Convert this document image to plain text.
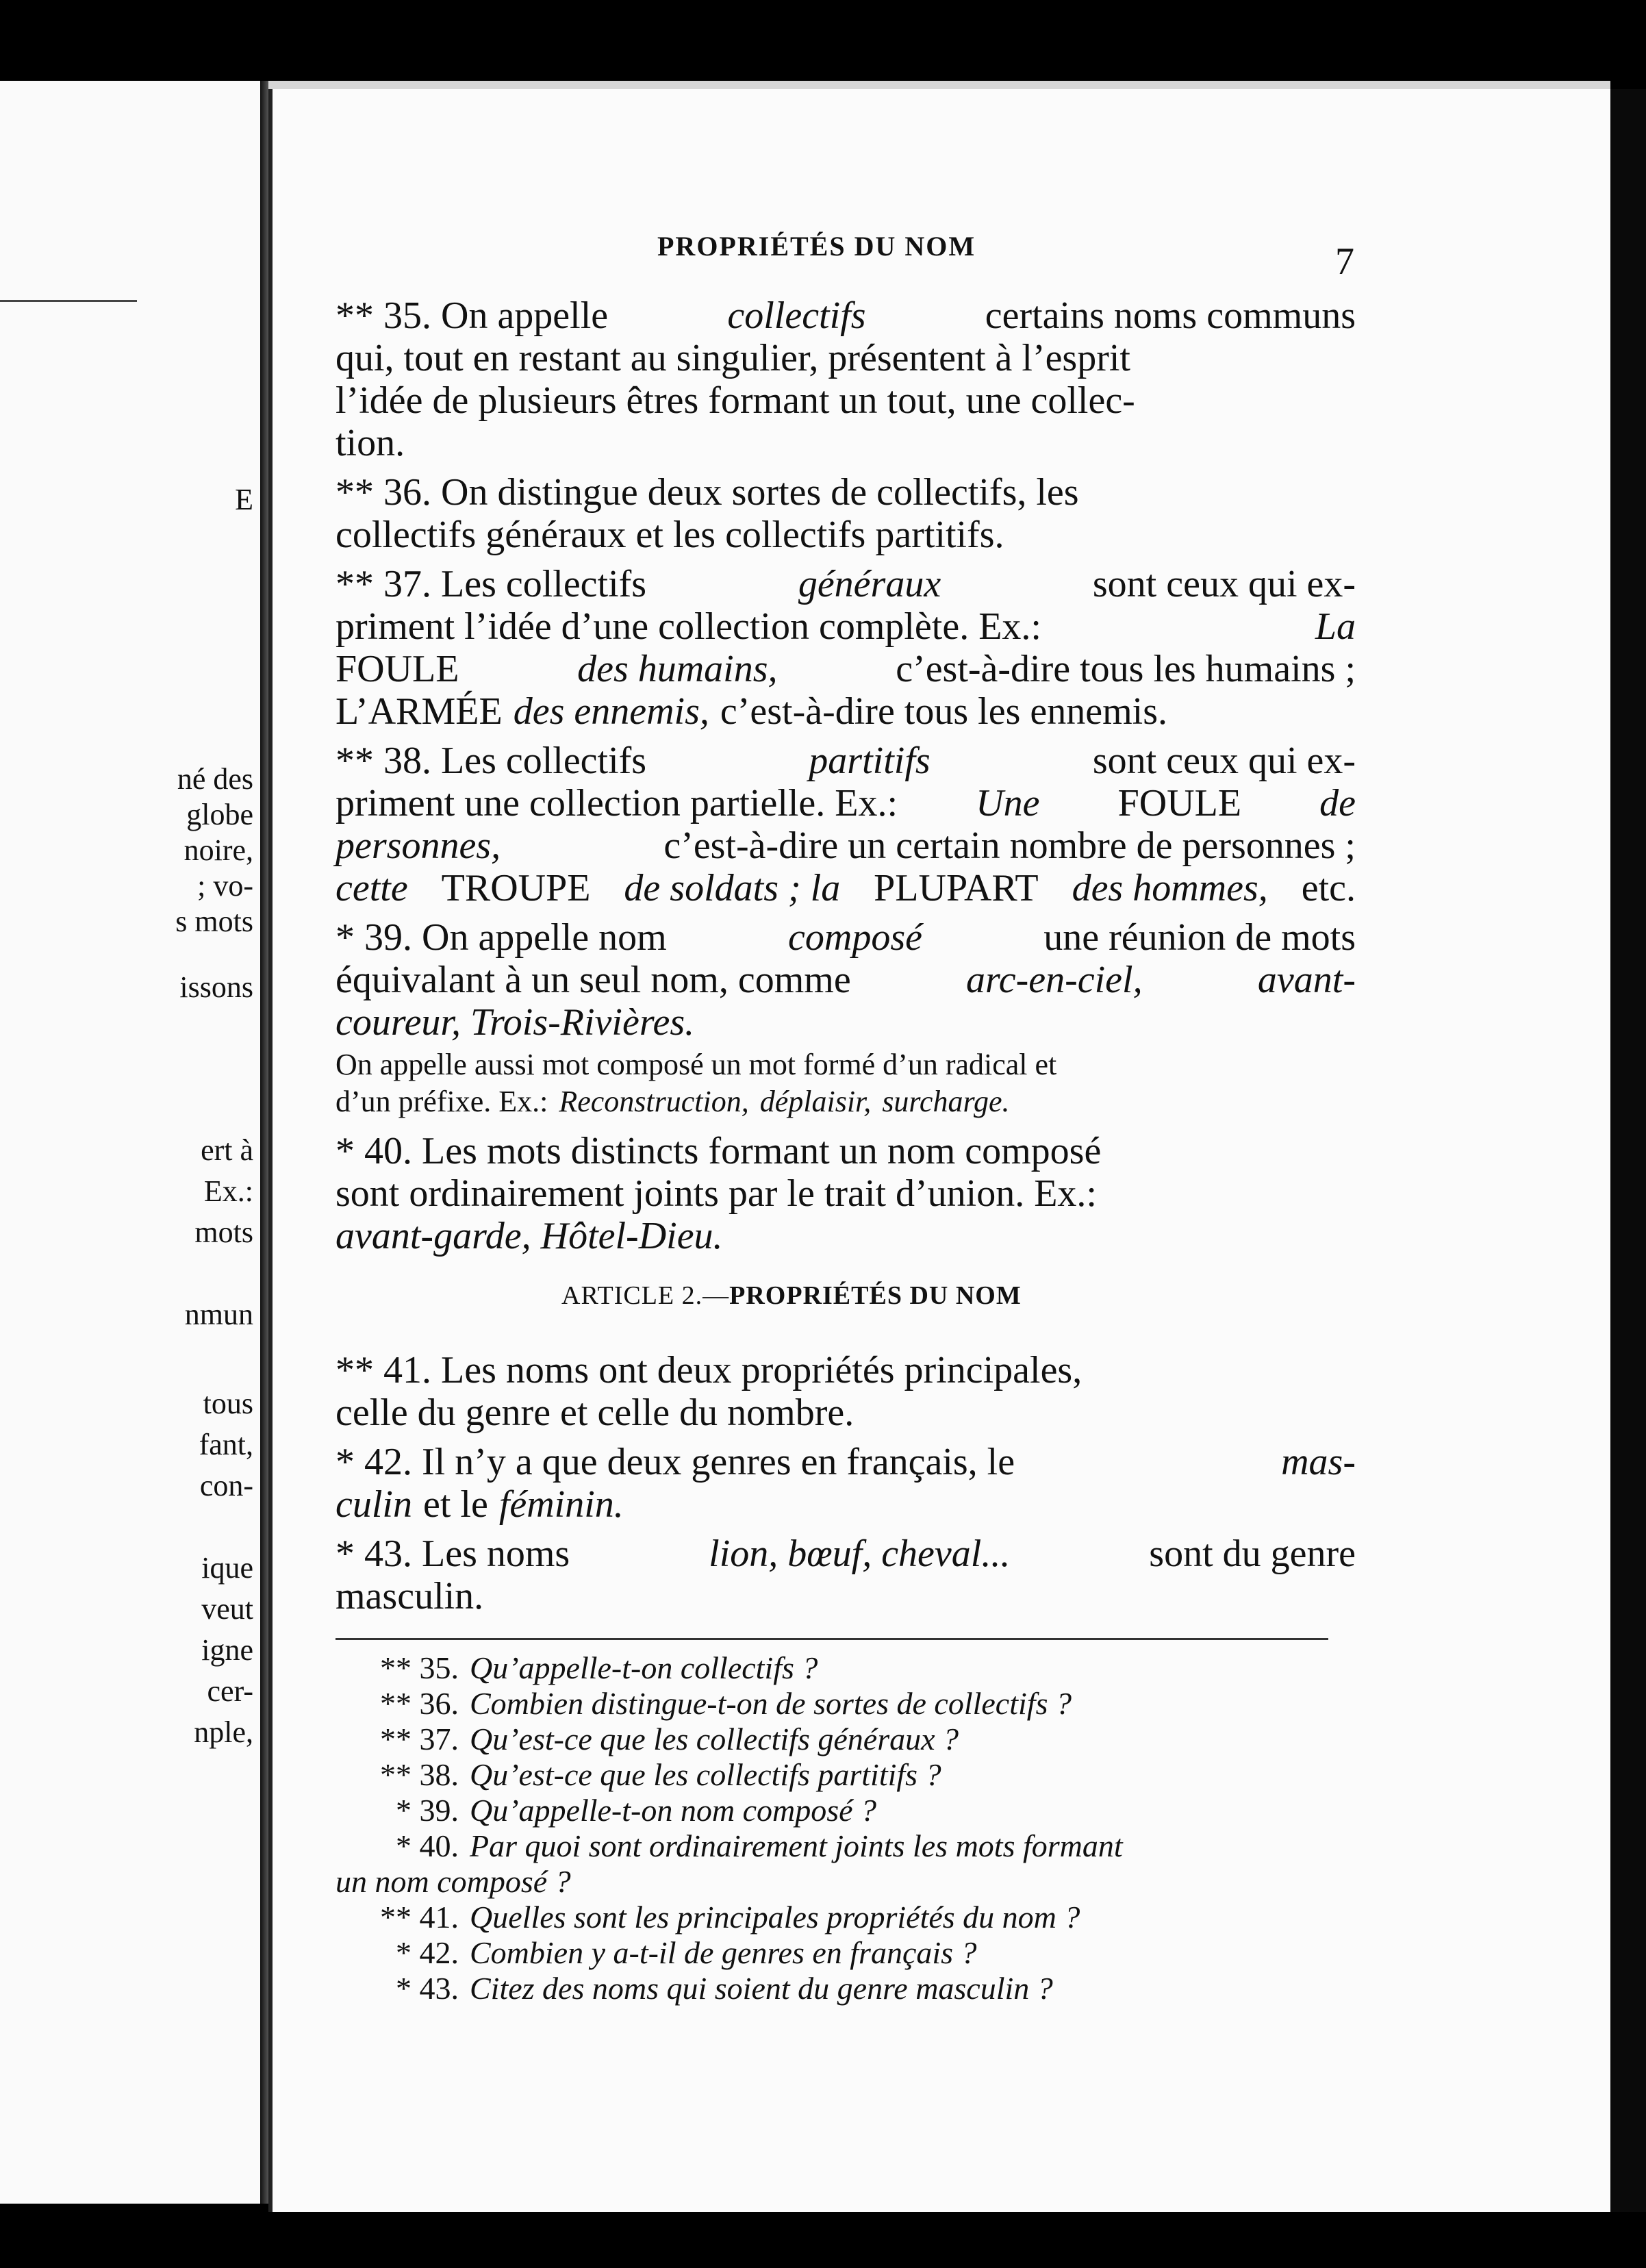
E
né des
globe
noire,
; vo-
s mots
issons
ert à
Ex.:
mots
nmun
tous
fant,
con-
ique
veut
igne
cer-
nple,
PROPRIÉTÉS DU NOM	7
** 35. On appelle	collectifs	certains noms communs
qui, tout en restant au singulier, présentent à l’esprit
l’idée de plusieurs êtres formant un tout, une collec-
tion.
** 36. On distingue deux sortes de collectifs, les
collectifs généraux et les collectifs partitifs.
** 37. Les collectifs	généraux	sont ceux qui ex-
priment l’idée d’une collection complète. Ex.:	La
FOULE	des humains,	c’est-à-dire tous les humains ;
L’ARMÉE des ennemis, c’est-à-dire tous les ennemis.
** 38. Les collectifs	partitifs	sont ceux qui ex-
priment une collection partielle. Ex.: Une FOULE de
personnes,	c’est-à-dire un certain nombre de personnes ;
cette TROUPE de soldats ; la PLUPART des hommes, etc.
* 39. On appelle nom	composé	une réunion de mots
équivalant à un seul nom, comme	arc-en-ciel,	avant-
coureur, Trois-Rivières.
On appelle aussi mot composé un mot formé d’un radical et
d’un préfixe. Ex.: Reconstruction, déplaisir, surcharge.
* 40. Les mots distincts formant un nom composé
sont ordinairement joints par le trait d’union. Ex.:
avant-garde, Hôtel-Dieu.
** 41. Les noms ont deux propriétés principales,
celle du genre et celle du nombre.
* 42. Il n’y a que deux genres en français, le	mas-
culin et le féminin.
* 43. Les noms	lion, bœuf, cheval...	sont du genre
masculin.
ARTICLE 2.—PROPRIÉTÉS DU NOM
** 35. Qu’appelle-t-on collectifs ?
** 36. Combien distingue-t-on de sortes de collectifs ?
** 37. Qu’est-ce que les collectifs généraux ?
** 38. Qu’est-ce que les collectifs partitifs ?
* 39. Qu’appelle-t-on nom composé ?
* 40. Par quoi sont ordinairement joints les mots formant
un nom composé ?
** 41. Quelles sont les principales propriétés du nom ?
* 42. Combien y a-t-il de genres en français ?
* 43. Citez des noms qui soient du genre masculin ?
